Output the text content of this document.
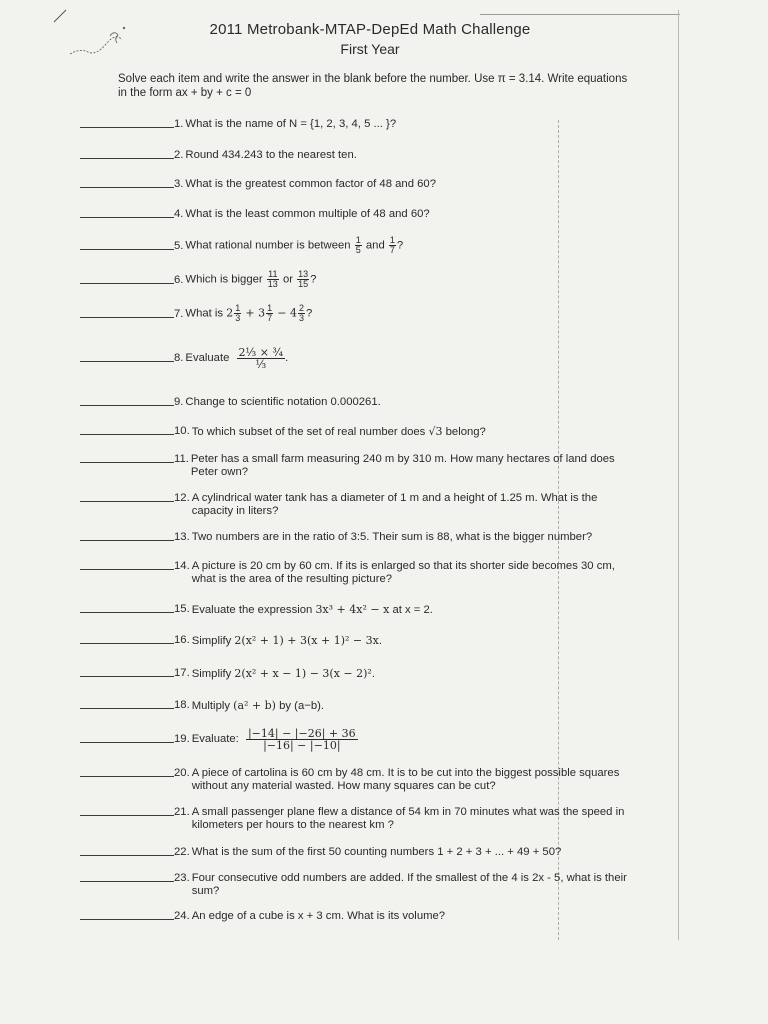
2011 Metrobank-MTAP-DepEd Math Challenge
First Year
Solve each item and write the answer in the blank before the number. Use π = 3.14. Write equations in the form ax + by + c = 0
1. What is the name of N = {1, 2, 3, 4, 5 ... }?
2. Round 434.243 to the nearest ten.
3. What is the greatest common factor of 48 and 60?
4. What is the least common multiple of 48 and 60?
5. What rational number is between $\frac{1}{5}$ and $\frac{1}{7}$ ?
6. Which is bigger $\frac{11}{13}$ or $\frac{13}{15}$ ?
7. What is $2 \frac{1}{3} + 3 \frac{1}{7} - 4 \frac{2}{3}$ ?
8. Evaluate 2⅓ × ¾
⅓	.
9. Change to scientific notation 0.000261.
10. To which subset of the set of real number does √3 belong?
11. Peter has a small farm measuring 240 m by 310 m. How many hectares of land does Peter own?
12. A cylindrical water tank has a diameter of 1 m and a height of 1.25 m. What is the capacity in liters?
13. Two numbers are in the ratio of 3:5. Their sum is 88, what is the bigger number?
14. A picture is 20 cm by 60 cm. If its is enlarged so that its shorter side becomes 30 cm, what is the area of the resulting picture?
15. Evaluate the expression 3x³ + 4x² − x at x = 2.
16. Simplify 2(x² + 1) + 3(x + 1)² − 3x.
17. Simplify 2(x² + x − 1) − 3(x − 2)².
18. Multiply (a² + b) by (a−b).
19. Evaluate: $\frac{|-14| - |-26| + 36}{|-16| - |-10|}$
20. A piece of cartolina is 60 cm by 48 cm. It is to be cut into the biggest possible squares without any material wasted. How many squares can be cut?
21. A small passenger plane flew a distance of 54 km in 70 minutes what was the speed in kilometers per hours to the nearest km ?
22. What is the sum of the first 50 counting numbers 1 + 2 + 3 + ... + 49 + 50?
23. Four consecutive odd numbers are added. If the smallest of the 4 is 2x - 5, what is their sum?
24. An edge of a cube is x + 3 cm. What is its volume?
